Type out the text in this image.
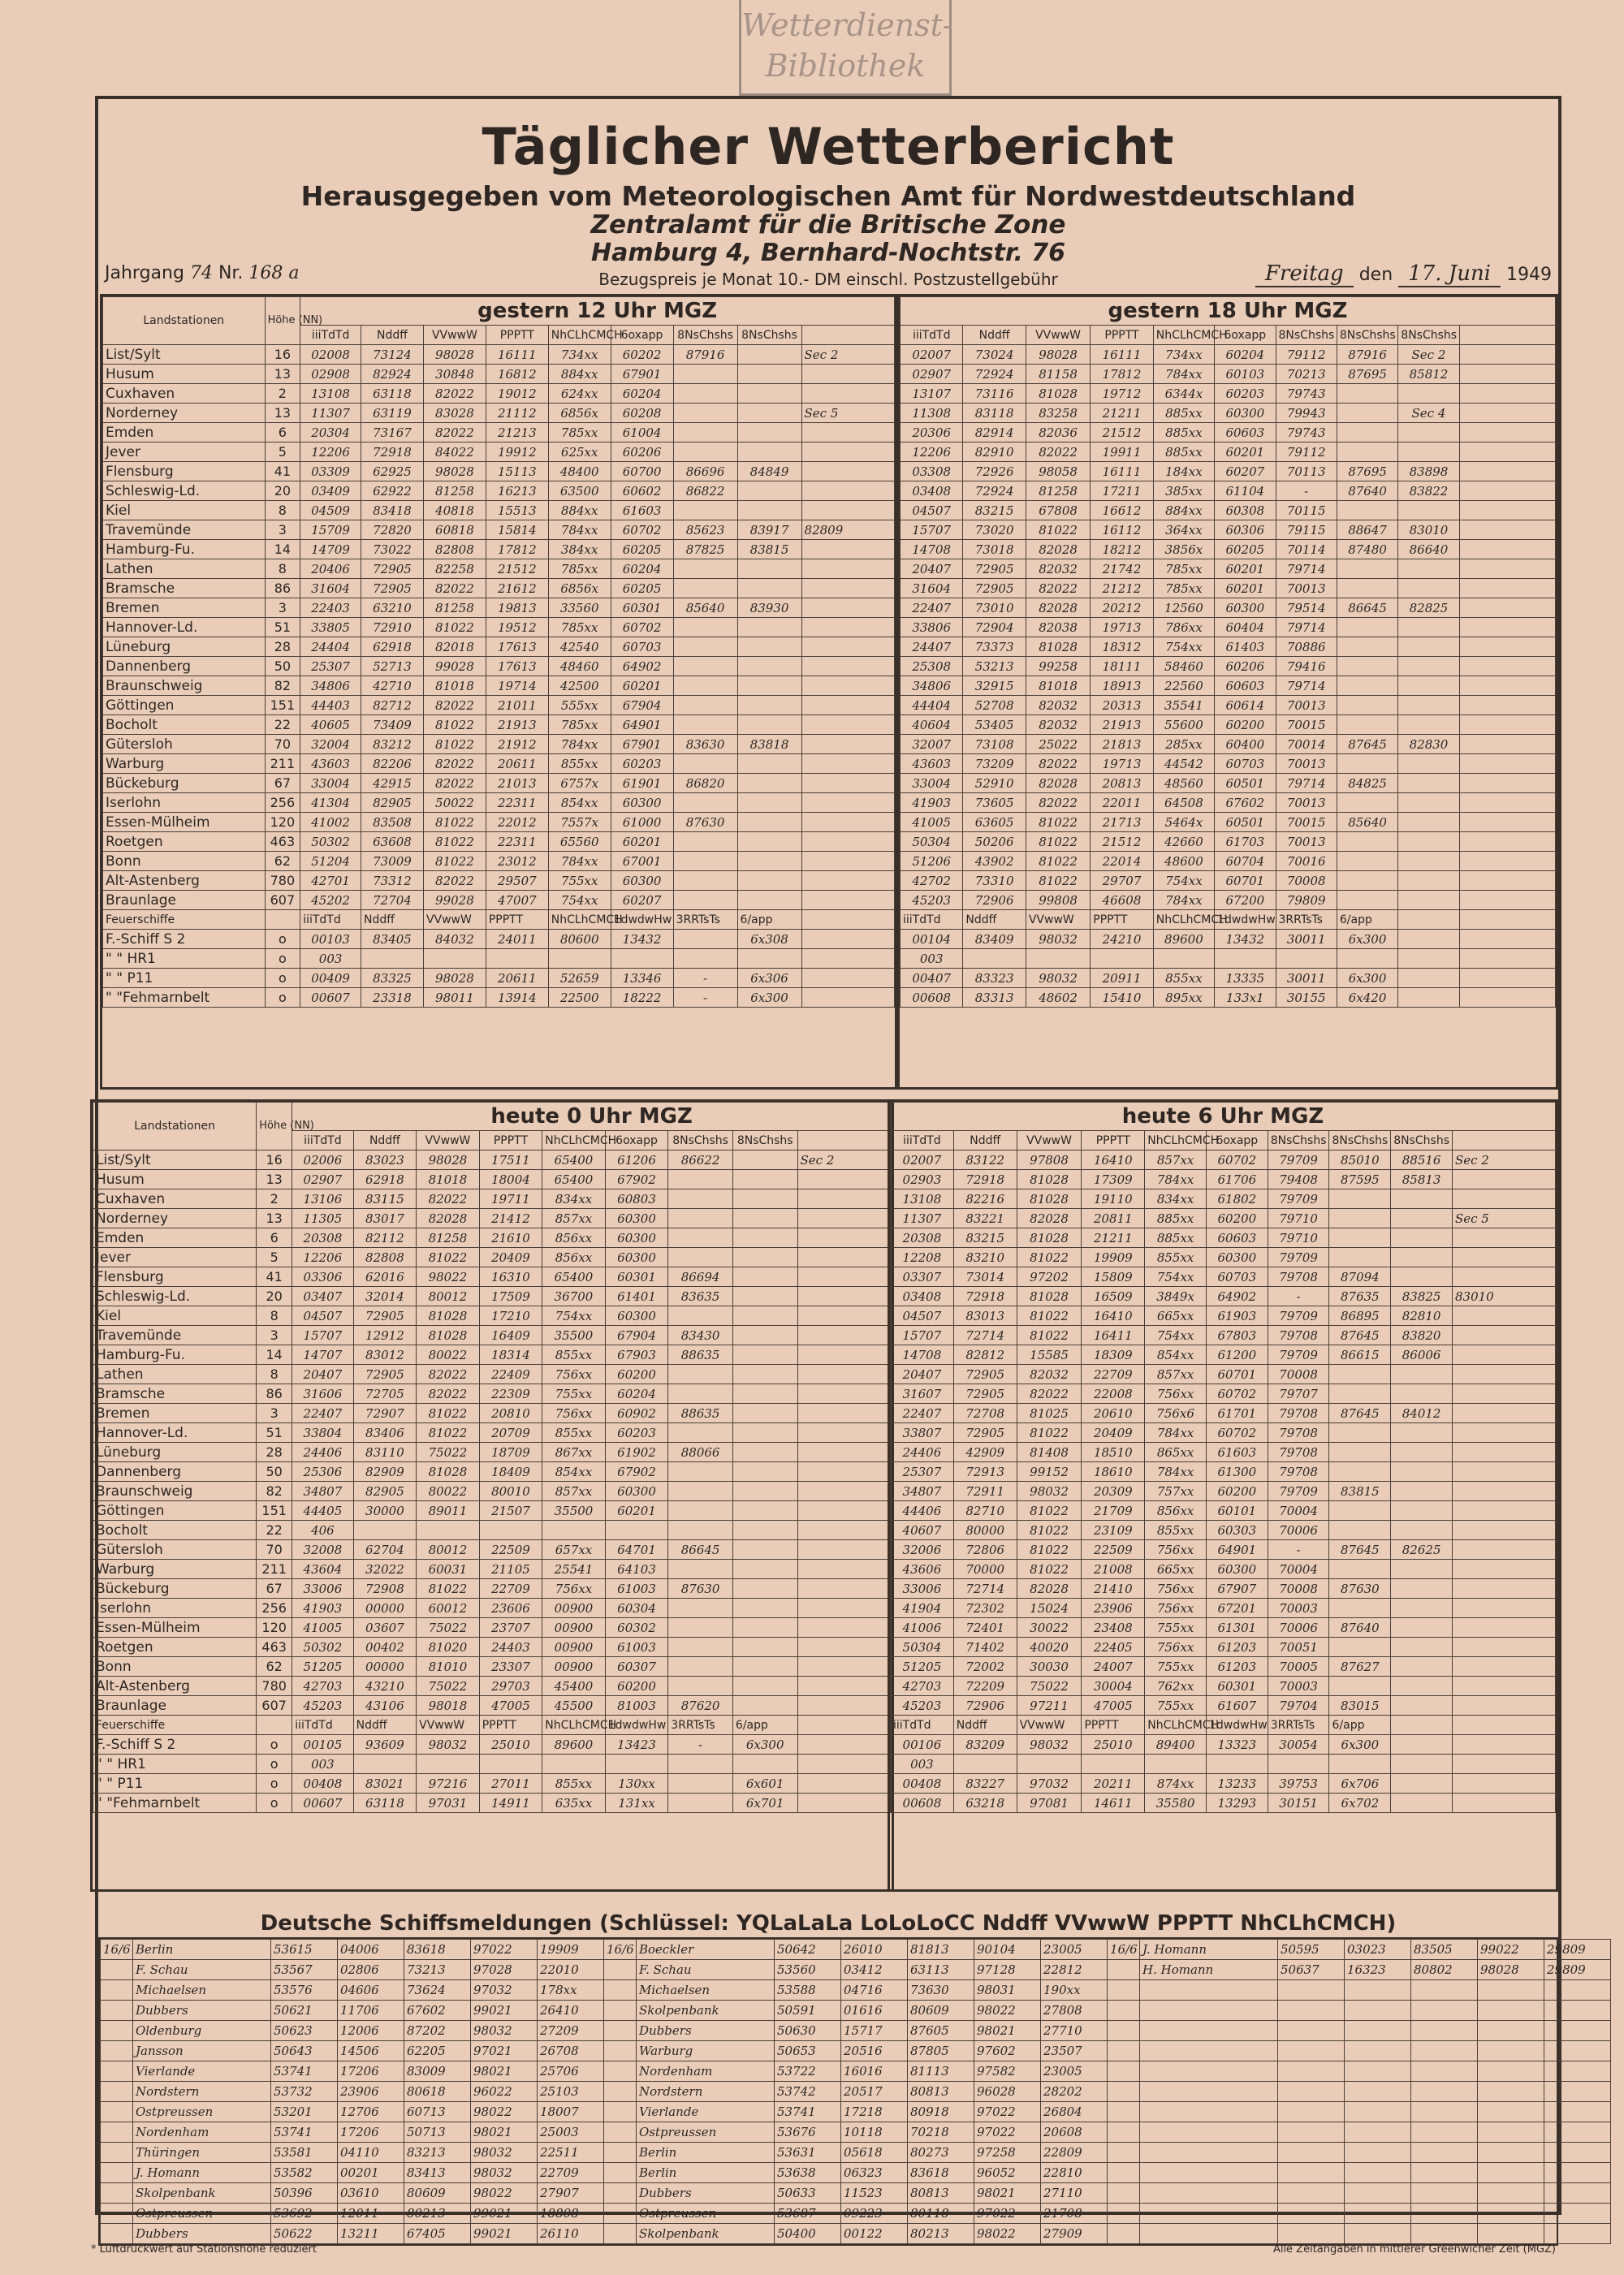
Wetterdienst-
Bibliothek
Täglicher Wetterbericht
Herausgegeben vom Meteorologischen Amt für Nordwestdeutschland
Zentralamt für die Britische Zone
Hamburg 4, Bernhard-Nochtstr. 76
Bezugspreis je Monat 10.- DM einschl. Postzustellgebühr
Jahrgang 74 Nr. 168 a	Freitag den 17. Juni 1949
Landstationen	Höhe (NN)	gestern 12 Uhr MGZ								
		iiiTdTd	Nddff	VVwwW	PPPTT	NhCLhCMCH	6oxapp	8NsChshs	8NsChshs	
List/Sylt	16	02008	73124	98028	16111	734xx	60202	87916		Sec 2
Husum	13	02908	82924	30848	16812	884xx	67901			
Cuxhaven	2	13108	63118	82022	19012	624xx	60204			
Norderney	13	11307	63119	83028	21112	6856x	60208			Sec 5
Emden	6	20304	73167	82022	21213	785xx	61004			
Jever	5	12206	72918	84022	19912	625xx	60206			
Flensburg	41	03309	62925	98028	15113	48400	60700	86696	84849	
Schleswig-Ld.	20	03409	62922	81258	16213	63500	60602	86822		
Kiel	8	04509	83418	40818	15513	884xx	61603			
Travemünde	3	15709	72820	60818	15814	784xx	60702	85623	83917	82809
Hamburg-Fu.	14	14709	73022	82808	17812	384xx	60205	87825	83815	
Lathen	8	20406	72905	82258	21512	785xx	60204			
Bramsche	86	31604	72905	82022	21612	6856x	60205			
Bremen	3	22403	63210	81258	19813	33560	60301	85640	83930	
Hannover-Ld.	51	33805	72910	81022	19512	785xx	60702			
Lüneburg	28	24404	62918	82018	17613	42540	60703			
Dannenberg	50	25307	52713	99028	17613	48460	64902			
Braunschweig	82	34806	42710	81018	19714	42500	60201			
Göttingen	151	44403	82712	82022	21011	555xx	67904			
Bocholt	22	40605	73409	81022	21913	785xx	64901			
Gütersloh	70	32004	83212	81022	21912	784xx	67901	83630	83818	
Warburg	211	43603	82206	82022	20611	855xx	60203			
Bückeburg	67	33004	42915	82022	21013	6757x	61901	86820		
Iserlohn	256	41304	82905	50022	22311	854xx	60300			
Essen-Mülheim	120	41002	83508	81022	22012	7557x	61000	87630		
Roetgen	463	50302	63608	81022	22311	65560	60201			
Bonn	62	51204	73009	81022	23012	784xx	67001			
Alt-Astenberg	780	42701	73312	82022	29507	755xx	60300			
Braunlage	607	45202	72704	99028	47007	754xx	60207			
Feuerschiffe		iiiTdTd	Nddff	VVwwW	PPPTT	NhCLhCMCH	1dwdwHw	3RRTsTs	6/app	
F.-Schiff S 2	o	00103	83405	84032	24011	80600	13432		6x308	
" " HR1	o	003								
" " P11	o	00409	83325	98028	20611	52659	13346	-	6x306	
" "Fehmarnbelt	o	00607	23318	98011	13914	22500	18222	-	6x300	
gestern 18 Uhr MGZ									
iiiTdTd	Nddff	VVwwW	PPPTT	NhCLhCMCH	6oxapp	8NsChshs	8NsChshs	8NsChshs	
02007	73024	98028	16111	734xx	60204	79112	87916	Sec 2	
02907	72924	81158	17812	784xx	60103	70213	87695	85812	
13107	73116	81028	19712	6344x	60203	79743			
11308	83118	83258	21211	885xx	60300	79943		Sec 4	
20306	82914	82036	21512	885xx	60603	79743			
12206	82910	82022	19911	885xx	60201	79112			
03308	72926	98058	16111	184xx	60207	70113	87695	83898	
03408	72924	81258	17211	385xx	61104	-	87640	83822	
04507	83215	67808	16612	884xx	60308	70115			
15707	73020	81022	16112	364xx	60306	79115	88647	83010	
14708	73018	82028	18212	3856x	60205	70114	87480	86640	
20407	72905	82032	21742	785xx	60201	79714			
31604	72905	82022	21212	785xx	60201	70013			
22407	73010	82028	20212	12560	60300	79514	86645	82825	
33806	72904	82038	19713	786xx	60404	79714			
24407	73373	81028	18312	754xx	61403	70886			
25308	53213	99258	18111	58460	60206	79416			
34806	32915	81018	18913	22560	60603	79714			
44404	52708	82032	20313	35541	60614	70013			
40604	53405	82032	21913	55600	60200	70015			
32007	73108	25022	21813	285xx	60400	70014	87645	82830	
43603	73209	82022	19713	44542	60703	70013			
33004	52910	82028	20813	48560	60501	79714	84825		
41903	73605	82022	22011	64508	67602	70013			
41005	63605	81022	21713	5464x	60501	70015	85640		
50304	50206	81022	21512	42660	61703	70013			
51206	43902	81022	22014	48600	60704	70016			
42702	73310	81022	29707	754xx	60701	70008			
45203	72906	99808	46608	784xx	67200	79809			
iiiTdTd	Nddff	VVwwW	PPPTT	NhCLhCMCH	1dwdwHw	3RRTsTs	6/app		
00104	83409	98032	24210	89600	13432	30011	6x300		
003									
00407	83323	98032	20911	855xx	13335	30011	6x300		
00608	83313	48602	15410	895xx	133x1	30155	6x420		
Landstationen	Höhe (NN)	heute 0 Uhr MGZ								
		iiiTdTd	Nddff	VVwwW	PPPTT	NhCLhCMCH	6oxapp	8NsChshs	8NsChshs	
List/Sylt	16	02006	83023	98028	17511	65400	61206	86622		Sec 2
Husum	13	02907	62918	81018	18004	65400	67902			
Cuxhaven	2	13106	83115	82022	19711	834xx	60803			
Norderney	13	11305	83017	82028	21412	857xx	60300			
Emden	6	20308	82112	81258	21610	856xx	60300			
Jever	5	12206	82808	81022	20409	856xx	60300			
Flensburg	41	03306	62016	98022	16310	65400	60301	86694		
Schleswig-Ld.	20	03407	32014	80012	17509	36700	61401	83635		
Kiel	8	04507	72905	81028	17210	754xx	60300			
Travemünde	3	15707	12912	81028	16409	35500	67904	83430		
Hamburg-Fu.	14	14707	83012	80022	18314	855xx	67903	88635		
Lathen	8	20407	72905	82022	22409	756xx	60200			
Bramsche	86	31606	72705	82022	22309	755xx	60204			
Bremen	3	22407	72907	81022	20810	756xx	60902	88635		
Hannover-Ld.	51	33804	83406	81022	20709	855xx	60203			
Lüneburg	28	24406	83110	75022	18709	867xx	61902	88066		
Dannenberg	50	25306	82909	81028	18409	854xx	67902			
Braunschweig	82	34807	82905	80022	80010	857xx	60300			
Göttingen	151	44405	30000	89011	21507	35500	60201			
Bocholt	22	406								
Gütersloh	70	32008	62704	80012	22509	657xx	64701	86645		
Warburg	211	43604	32022	60031	21105	25541	64103			
Bückeburg	67	33006	72908	81022	22709	756xx	61003	87630		
Iserlohn	256	41903	00000	60012	23606	00900	60304			
Essen-Mülheim	120	41005	03607	75022	23707	00900	60302			
Roetgen	463	50302	00402	81020	24403	00900	61003			
Bonn	62	51205	00000	81010	23307	00900	60307			
Alt-Astenberg	780	42703	43210	75022	29703	45400	60200			
Braunlage	607	45203	43106	98018	47005	45500	81003	87620		
Feuerschiffe		iiiTdTd	Nddff	VVwwW	PPPTT	NhCLhCMCH	1dwdwHw	3RRTsTs	6/app	
F.-Schiff S 2	o	00105	93609	98032	25010	89600	13423	-	6x300	
" " HR1	o	003								
" " P11	o	00408	83021	97216	27011	855xx	130xx		6x601	
" "Fehmarnbelt	o	00607	63118	97031	14911	635xx	131xx		6x701	
heute 6 Uhr MGZ									
iiiTdTd	Nddff	VVwwW	PPPTT	NhCLhCMCH	6oxapp	8NsChshs	8NsChshs	8NsChshs	
02007	83122	97808	16410	857xx	60702	79709	85010	88516	Sec 2
02903	72918	81028	17309	784xx	61706	79408	87595	85813	
13108	82216	81028	19110	834xx	61802	79709			
11307	83221	82028	20811	885xx	60200	79710			Sec 5
20308	83215	81028	21211	885xx	60603	79710			
12208	83210	81022	19909	855xx	60300	79709			
03307	73014	97202	15809	754xx	60703	79708	87094		
03408	72918	81028	16509	3849x	64902	-	87635	83825	83010
04507	83013	81022	16410	665xx	61903	79709	86895	82810	
15707	72714	81022	16411	754xx	67803	79708	87645	83820	
14708	82812	15585	18309	854xx	61200	79709	86615	86006	
20407	72905	82032	22709	857xx	60701	70008			
31607	72905	82022	22008	756xx	60702	79707			
22407	72708	81025	20610	756x6	61701	79708	87645	84012	
33807	72905	81022	20409	784xx	60702	79708			
24406	42909	81408	18510	865xx	61603	79708			
25307	72913	99152	18610	784xx	61300	79708			
34807	72911	98032	20309	757xx	60200	79709	83815		
44406	82710	81022	21709	856xx	60101	70004			
40607	80000	81022	23109	855xx	60303	70006			
32006	72806	81022	22509	756xx	64901	-	87645	82625	
43606	70000	81022	21008	665xx	60300	70004			
33006	72714	82028	21410	756xx	67907	70008	87630		
41904	72302	15024	23906	756xx	67201	70003			
41006	72401	30022	23408	755xx	61301	70006	87640		
50304	71402	40020	22405	756xx	61203	70051			
51205	72002	30030	24007	755xx	61203	70005	87627		
42703	72209	75022	30004	762xx	60301	70003			
45203	72906	97211	47005	755xx	61607	79704	83015		
iiiTdTd	Nddff	VVwwW	PPPTT	NhCLhCMCH	1dwdwHw	3RRTsTs	6/app		
00106	83209	98032	25010	89400	13323	30054	6x300		
003									
00408	83227	97032	20211	874xx	13233	39753	6x706		
00608	63218	97081	14611	35580	13293	30151	6x702		
Deutsche Schiffsmeldungen (Schlüssel: YQLaLaLa LoLoLoCC Nddff VVwwW PPPTT NhCLhCMCH)
16/6	Berlin	53615	04006	83618	97022	19909	16/6	Boeckler	50642	26010	81813	90104	23005	16/6	J. Homann	50595	03023	83505	99022	29809
	F. Schau	53567	02806	73213	97028	22010		F. Schau	53560	03412	63113	97128	22812		H. Homann	50637	16323	80802	98028	29809
	Michaelsen	53576	04606	73624	97032	178xx		Michaelsen	53588	04716	73630	98031	190xx							
	Dubbers	50621	11706	67602	99021	26410		Skolpenbank	50591	01616	80609	98022	27808							
	Oldenburg	50623	12006	87202	98032	27209		Dubbers	50630	15717	87605	98021	27710							
	Jansson	50643	14506	62205	97021	26708		Warburg	50653	20516	87805	97602	23507							
	Vierlande	53741	17206	83009	98021	25706		Nordenham	53722	16016	81113	97582	23005							
	Nordstern	53732	23906	80618	96022	25103		Nordstern	53742	20517	80813	96028	28202							
	Ostpreussen	53201	12706	60713	98022	18007		Vierlande	53741	17218	80918	97022	26804							
	Nordenham	53741	17206	50713	98021	25003		Ostpreussen	53676	10118	70218	97022	20608							
	Thüringen	53581	04110	83213	98032	22511		Berlin	53631	05618	80273	97258	22809							
	J. Homann	53582	00201	83413	98032	22709		Berlin	53638	06323	83618	96052	22810							
	Skolpenbank	50396	03610	80609	98022	27907		Dubbers	50633	11523	80813	98021	27110							
	Ostpreussen	53692	12011	80213	99021	18808		Ostpreussen	53687	09223	80118	97022	21708							
	Dubbers	50622	13211	67405	99021	26110		Skolpenbank	50400	00122	80213	98022	27909							
* Luftdruckwert auf Stationshöhe reduziert	Alle Zeitangaben in mittlerer Greenwicher Zeit (MGZ)
